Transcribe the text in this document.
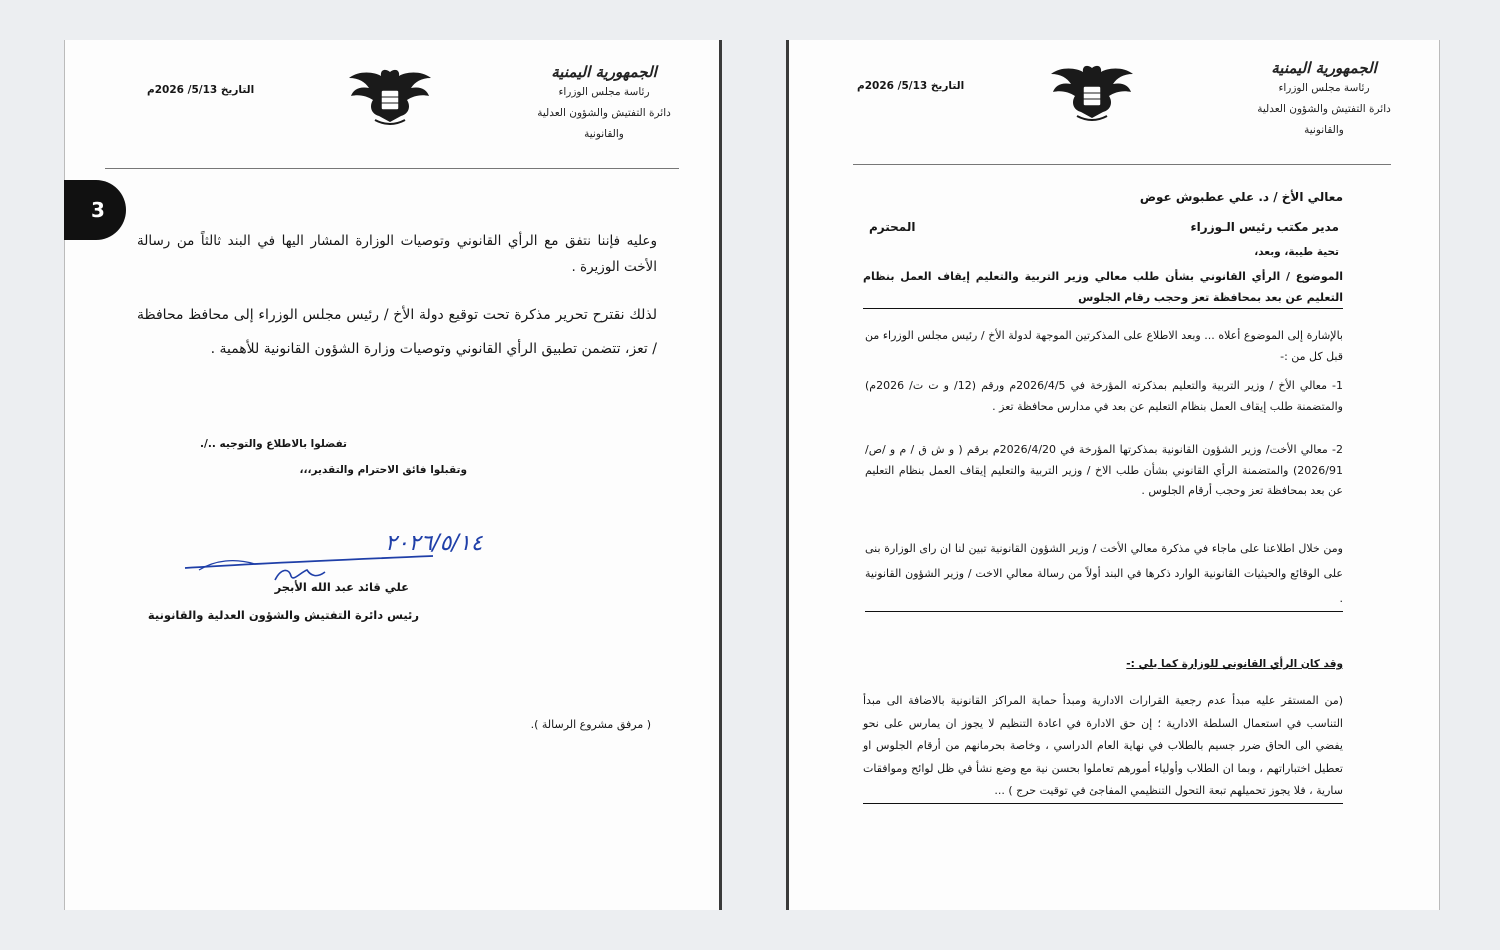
الجمهورية اليمنية
رئاسة مجلس الوزراء
دائرة التفتيش والشؤون العدلية
والقانونية
التاريخ 5/13/ 2026م
وعليه فإننا نتفق مع الرأي القانوني وتوصيات الوزارة المشار اليها في البند ثالثاً من رسالة الأخت الوزيرة .
لذلك نقترح تحرير مذكرة تحت توقيع دولة الأخ / رئيس مجلس الوزراء إلى محافظ محافظة / تعز، تتضمن تطبيق الرأي القانوني وتوصيات وزارة الشؤون القانونية للأهمية .
تفضلوا بالاطلاع والتوجيه ../.
وتقبلوا فائق الاحترام والتقدير،،،
٢٠٢٦/٥/١٤
علي قائد عبد الله الأبجر
رئيس دائرة التفتيش والشؤون العدلية والقانونية
( مرفق مشروع الرسالة ).
3
الجمهورية اليمنية
رئاسة مجلس الوزراء
دائرة التفتيش والشؤون العدلية
والقانونية
التاريخ 5/13/ 2026م
معالي الأخ / د. علي عطبوش عوض
مدير مكتب رئيس الـوزراء
المحترم
تحية طيبة، وبعد،
الموضوع / الرأي القانوني بشأن طلب معالي وزير التربية والتعليم إيقاف العمل بنظام التعليم عن بعد بمحافظة تعز وحجب رقام الجلوس
بالإشارة إلى الموضوع أعلاه ... وبعد الاطلاع على المذكرتين الموجهة لدولة الأخ / رئيس مجلس الوزراء من قبل كل من :-
1- معالي الأخ / وزير التربية والتعليم بمذكرته المؤرخة في 2026/4/5م ورقم (12/ و ت ت/ 2026م) والمتضمنة طلب إيقاف العمل بنظام التعليم عن بعد في مدارس محافظة تعز .
2- معالي الأخت/ وزير الشؤون القانونية بمذكرتها المؤرخة في 2026/4/20م برقم ( و ش ق / م و /ص/ 2026/91) والمتضمنة الرأي القانوني بشأن طلب الاخ / وزير التربية والتعليم إيقاف العمل بنظام التعليم عن بعد بمحافظة تعز وحجب أرقام الجلوس .
ومن خلال اطلاعنا على ماجاء في مذكرة معالي الأخت / وزير الشؤون القانونية تبين لنا ان راى الوزارة بنى على الوقائع والحيثيات القانونية الوارد ذكرها في البند أولاً من رسالة معالي الاخت / وزير الشؤون القانونية .
وقد كان الرأي القانوني للوزارة كما يلي :-
(من المستقر عليه مبدأ عدم رجعية القرارات الادارية ومبدأ حماية المراكز القانونية بالاضافة الى مبدأ التناسب في استعمال السلطة الادارية ؛ إن حق الادارة في اعادة التنظيم لا يجوز ان يمارس على نحو يفضي الى الحاق ضرر جسيم بالطلاب في نهاية العام الدراسي ، وخاصة بحرمانهم من أرقام الجلوس او تعطيل اختباراتهم ، وبما ان الطلاب وأولياء أمورهم تعاملوا بحسن نية مع وضع نشأ في ظل لوائح وموافقات سارية ، فلا يجوز تحميلهم تبعة التحول التنظيمي المفاجئ في توقيت حرج ) ...
